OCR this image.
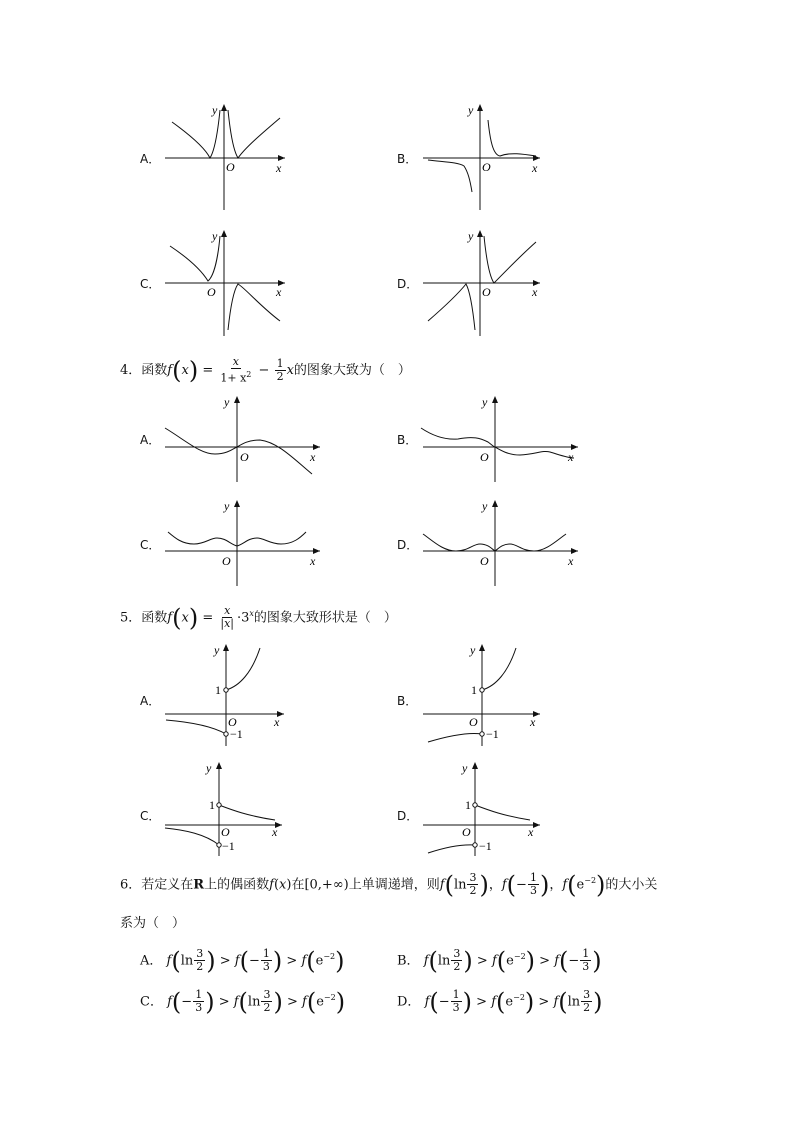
A．
y
O	x
B．
y
O	x
C．
y
O	x
D．
y
O	x
4．函数$f(x) = \frac{x}{1+ x^2} - \frac{1}{2}$ x的图象大致为（　）
A．
y
O	x
B．
y
O	x
C．
y
O	x
D．
y
O	x
5．函数$f(x) = \frac{x}{|x|} \cdot 3^x$的图象大致形状是（　）
A．
y
1
O
−1
x
B．
y
1
O
−1
x
C．
y
1
O
−1
x
D．
y
1
O
−1
x
6．若定义在R上的偶函数f(x)在[0,+∞)上单调递增，则$f(\ln \frac{3}{2}$ )，$f(- \frac{1}{3}$ )，$f(e^{-2})$的大小关
系为（　）
A． $f(\ln \frac{3}{2}$ ) > $f(- \frac{1}{3}$ ) > $f(e^{-2})$	B． $f(\ln \frac{3}{2}$ ) > $f(e^{-2}) > f(- \frac{1}{3}$ )
C． $f(- \frac{1}{3}$ ) > $f(\ln \frac{3}{2}$ ) > $f(e^{-2})$	D． $f(- \frac{1}{3}$ ) > $f(e^{-2}) > f(\ln \frac{3}{2}$ )
